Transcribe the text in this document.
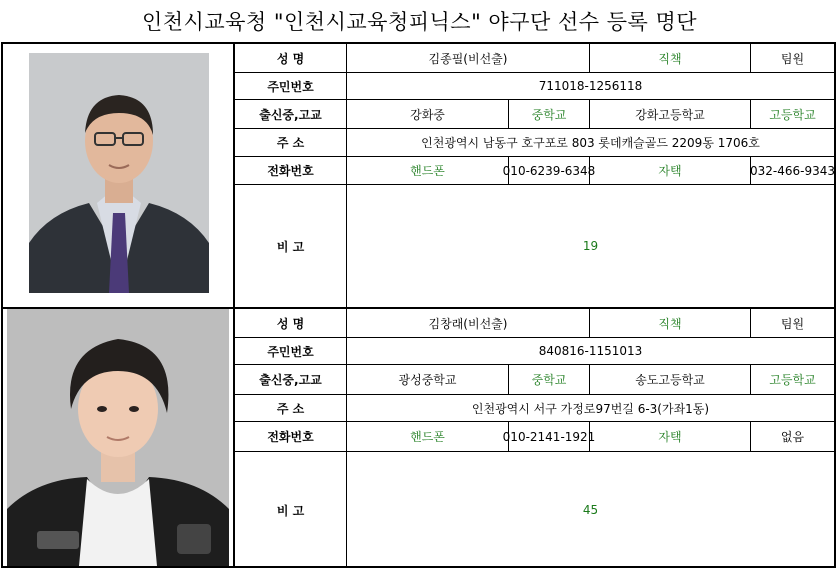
인천시교육청 "인천시교육청피닉스" 야구단 선수 등록 명단
성 명	김종필(비선출)	직책	팀원
주민번호	711018-1256118
출신중,고교	강화중	중학교	강화고등학교	고등학교
주 소	인천광역시 남동구 호구포로 803 롯데캐슬골드 2209동 1706호
전화번호	핸드폰	010-6239-6348	자택	032-466-9343
비 고	19
성 명	김창래(비선출)	직책	팀원
주민번호	840816-1151013
출신중,고교	광성중학교	중학교	송도고등학교	고등학교
주 소	인천광역시 서구 가정로97번길 6-3(가좌1동)
전화번호	핸드폰	010-2141-1921	자택	없음
비 고	45
